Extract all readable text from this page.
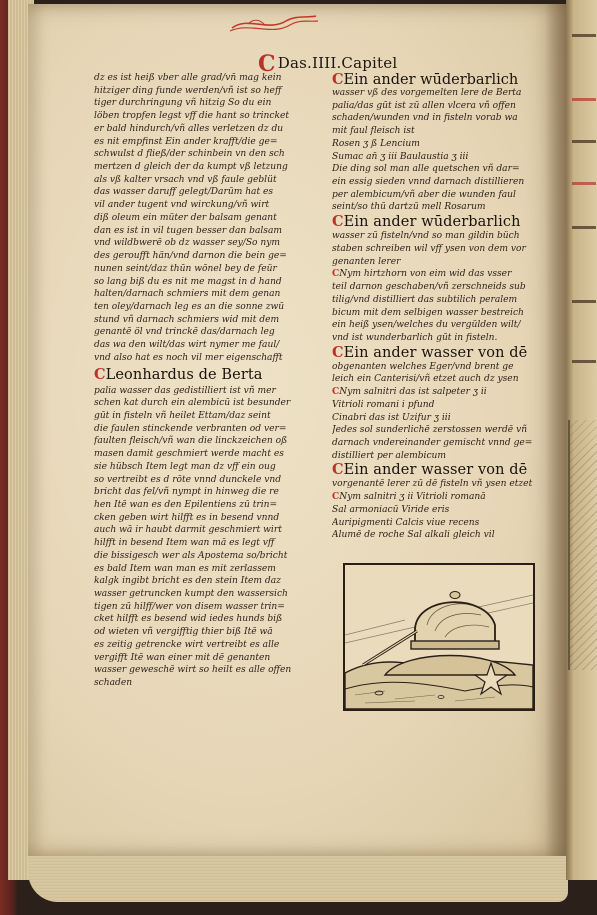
C Das.IIII.Capitel
dz es ist heiß vber alle grad/vn̄ mag kein
hitziger ding funde werden/vñ ist so heff
tiger durchringung vñ hitzig So du ein
löben tropfen legst vff die hant so trincket
er bald hindurch/vñ alles verletzen dz du
es nit empfinst Ein ander krafft/die ge=
schwulst d fließ/der schinbein vn den sch
mertzen d gleich der da kumpt vß letzung
als vß kalter vrsach vnd vß faule geblüt
das wasser daruff gelegt/Darūm hat es
vil ander tugent vnd wirckung/vñ wirt
diß oleum ein müter der balsam genant
dan es ist in vil tugen besser dan balsam
vnd wildbwerē ob dz wasser sey/So nym
des geroufft hän/vnd darnon die bein ge=
nunen seint/daz thūn wōnel bey de feür
so lang biß du es nit me magst in d hand
halten/darnach schmiers mit dem genan
ten oley/darnach leg es an die sonne zwū
stund vñ darnach schmiers wid mit dem
genantē öl vnd trinckē das/darnach leg
das wa den wilt/das wirt nymer me faul/
vnd also hat es noch vil mer eigenschafft
CLeonhardus de Berta
palia wasser das gedistilliert ist vñ mer
schen kat durch ein alembicū ist besunder
gūt in fisteln vñ heilet Ettam/daz seint
die faulen stinckende verbranten od ver=
faulten fleisch/vñ wan die linckzeichen oß
masen damit geschmiert werde macht es
sie hübsch Item legt man dz vff ein oug
so vertreibt es d rōte vnnd dunckele vnd
bricht das fel/vñ nympt in hinweg die re
hen Itē wan es den Epilentiens zū trin=
cken geben wirt hilfft es in besend vnnd
auch wā ir haubt darmit geschmiert wirt
hilfft in besend Item wan mā es legt vff
die bissigesch wer als Apostema so/bricht
es bald Item wan man es mit zerlassem
kalgk ingibt bricht es den stein Item daz
wasser getruncken kumpt den wassersich
tigen zū hilff/wer von disem wasser trin=
cket hilfft es besend wid iedes hunds biß
od wieten vñ vergifftig thier biß Itē wā
es zeitig getrencke wirt vertreibt es alle
vergifft Itē wan einer mit dē genanten
wasser geweschē wirt so heilt es alle offen
schaden
CEin ander wūderbarlich
wasser vß des vorgemelten lere de Berta
palia/das gūt ist zū allen vlcera vñ offen
schaden/wunden vnd in fisteln vorab wa
mit faul fleisch ist
Rosen ʒ ß Lencium
Sumac an̄ ʒ iii Baulaustia ʒ iii
Die ding sol man alle quetschen vñ dar=
ein essig sieden vnnd darnach distillieren
per alembicum/vñ aber die wunden faul
seint/so thū dartzū mell Rosarum
CEin ander wūderbarlich
wasser zū fisteln/vnd so man gildin büch
staben schreiben wil vff ysen von dem vor
genanten lerer
CNym hirtzhorn von eim wid das vsser
teil darnon geschaben/vñ zerschneids sub
tilig/vnd distilliert das subtilich peralem
bicum mit dem selbigen wasser bestreich
ein heiß ysen/welches du vergülden wilt/
vnd ist wunderbarlich gūt in fisteln.
CEin ander wasser von dē
obgenanten welches Eger/vnd brent ge
leich ein Canterisi/vñ etzet auch dz ysen
CNym salnitri das ist salpeter ʒ ii
Vitrioli romani i pfund
Cinabri das ist Uzifur ʒ iii
Jedes sol sunderlichē zerstossen werdē vñ
darnach vndereinander gemischt vnnd ge=
distilliert per alembicum
CEin ander wasser von dē
vorgenantē lerer zū dē fisteln vñ ysen etzet
CNym salnitri ʒ ii Vitrioli romanā
Sal armoniacū Viride eris
Auripigmenti Calcis viue recens
Alumē de roche Sal alkali gleich vil
